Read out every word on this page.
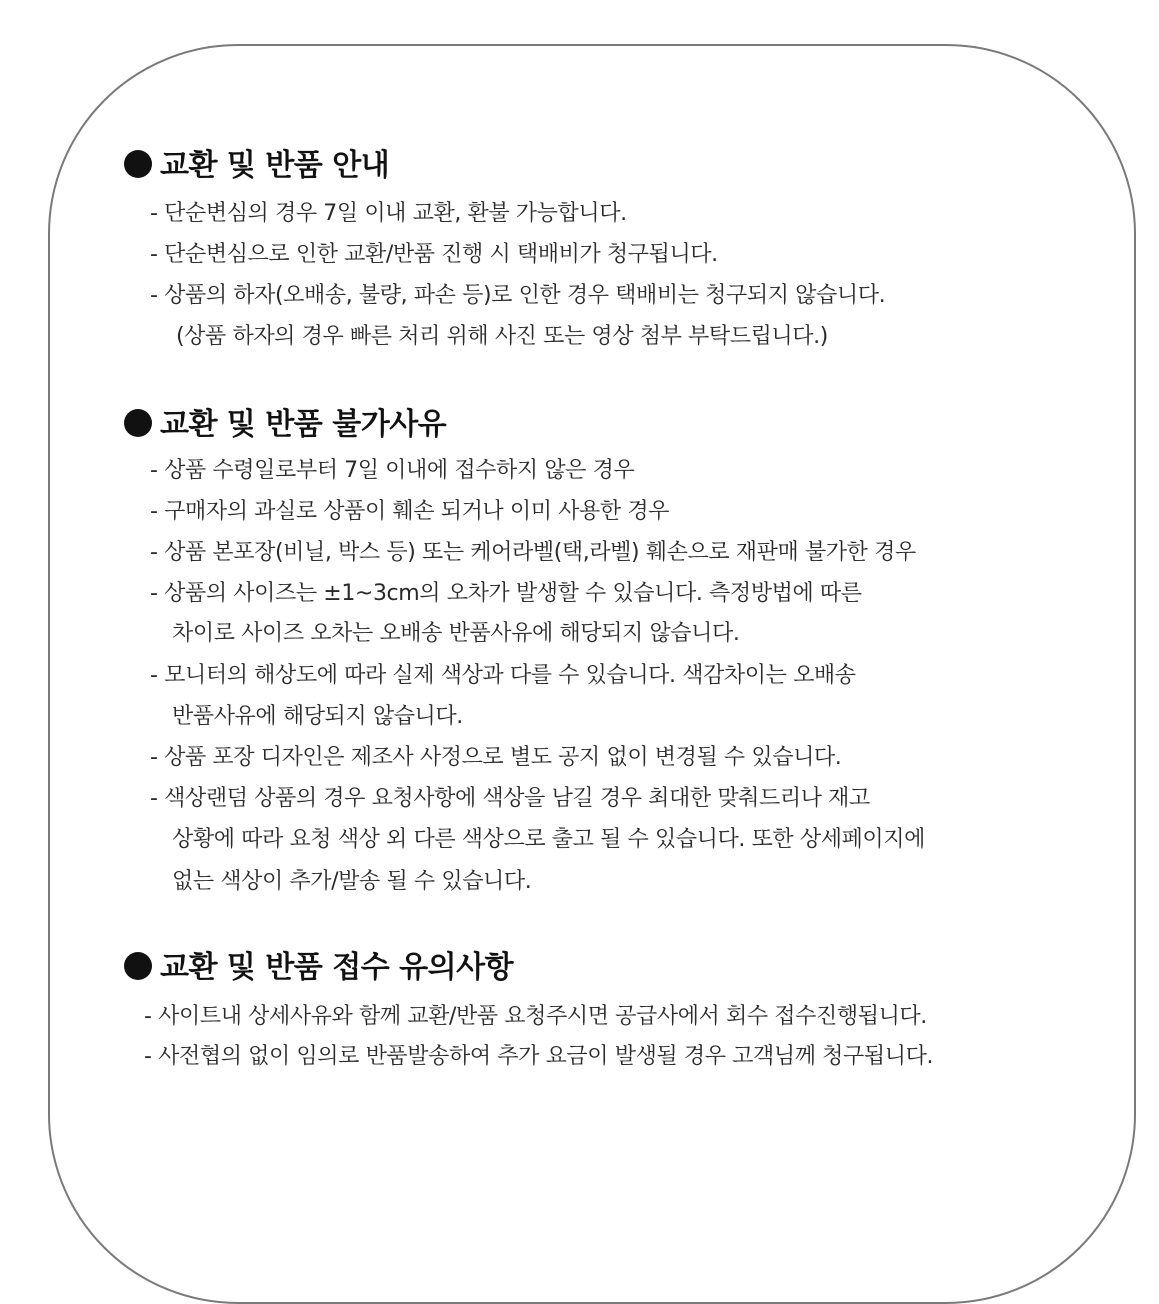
교환 및 반품 안내

- 단순변심의 경우 7일 이내 교환, 환불 가능합니다.

- 단순변심으로 인한 교환/반품 진행 시 택배비가 청구됩니다.

- 상품의 하자(오배송, 불량, 파손 등)로 인한 경우 택배비는 청구되지 않습니다.

(상품 하자의 경우 빠른 처리 위해 사진 또는 영상 첨부 부탁드립니다.)

교환 및 반품 불가사유

- 상품 수령일로부터 7일 이내에 접수하지 않은 경우

- 구매자의 과실로 상품이 훼손 되거나 이미 사용한 경우

- 상품 본포장(비닐, 박스 등) 또는 케어라벨(택,라벨) 훼손으로 재판매 불가한 경우

- 상품의 사이즈는 ±1~3cm의 오차가 발생할 수 있습니다. 측정방법에 따른

차이로 사이즈 오차는 오배송 반품사유에 해당되지 않습니다.

- 모니터의 해상도에 따라 실제 색상과 다를 수 있습니다. 색감차이는 오배송

반품사유에 해당되지 않습니다.

- 상품 포장 디자인은 제조사 사정으로 별도 공지 없이 변경될 수 있습니다.

- 색상랜덤 상품의 경우 요청사항에 색상을 남길 경우 최대한 맞춰드리나 재고

상황에 따라 요청 색상 외 다른 색상으로 출고 될 수 있습니다. 또한 상세페이지에

없는 색상이 추가/발송 될 수 있습니다.

교환 및 반품 접수 유의사항

- 사이트내 상세사유와 함께 교환/반품 요청주시면 공급사에서 회수 접수진행됩니다.

- 사전협의 없이 임의로 반품발송하여 추가 요금이 발생될 경우 고객님께 청구됩니다.
